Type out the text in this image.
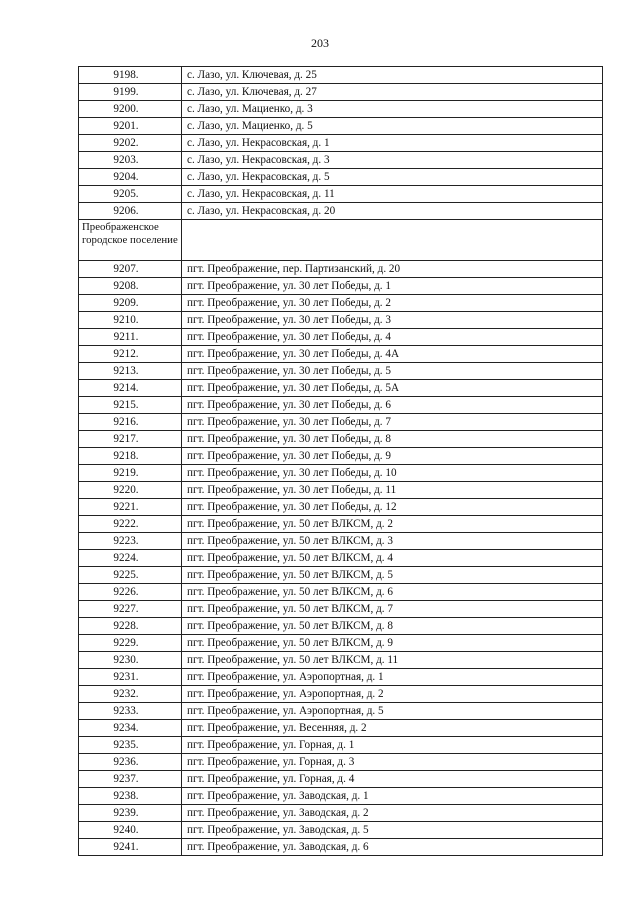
203
9198.	с. Лазо, ул. Ключевая, д. 25
9199.	с. Лазо, ул. Ключевая, д. 27
9200.	с. Лазо, ул. Мациенко, д. 3
9201.	с. Лазо, ул. Мациенко, д. 5
9202.	с. Лазо, ул. Некрасовская, д. 1
9203.	с. Лазо, ул. Некрасовская, д. 3
9204.	с. Лазо, ул. Некрасовская, д. 5
9205.	с. Лазо, ул. Некрасовская, д. 11
9206.	с. Лазо, ул. Некрасовская, д. 20
Преображенское городское поселение	
9207.	пгт. Преображение, пер. Партизанский, д. 20
9208.	пгт. Преображение, ул. 30 лет Победы, д. 1
9209.	пгт. Преображение, ул. 30 лет Победы, д. 2
9210.	пгт. Преображение, ул. 30 лет Победы, д. 3
9211.	пгт. Преображение, ул. 30 лет Победы, д. 4
9212.	пгт. Преображение, ул. 30 лет Победы, д. 4А
9213.	пгт. Преображение, ул. 30 лет Победы, д. 5
9214.	пгт. Преображение, ул. 30 лет Победы, д. 5А
9215.	пгт. Преображение, ул. 30 лет Победы, д. 6
9216.	пгт. Преображение, ул. 30 лет Победы, д. 7
9217.	пгт. Преображение, ул. 30 лет Победы, д. 8
9218.	пгт. Преображение, ул. 30 лет Победы, д. 9
9219.	пгт. Преображение, ул. 30 лет Победы, д. 10
9220.	пгт. Преображение, ул. 30 лет Победы, д. 11
9221.	пгт. Преображение, ул. 30 лет Победы, д. 12
9222.	пгт. Преображение, ул. 50 лет ВЛКСМ, д. 2
9223.	пгт. Преображение, ул. 50 лет ВЛКСМ, д. 3
9224.	пгт. Преображение, ул. 50 лет ВЛКСМ, д. 4
9225.	пгт. Преображение, ул. 50 лет ВЛКСМ, д. 5
9226.	пгт. Преображение, ул. 50 лет ВЛКСМ, д. 6
9227.	пгт. Преображение, ул. 50 лет ВЛКСМ, д. 7
9228.	пгт. Преображение, ул. 50 лет ВЛКСМ, д. 8
9229.	пгт. Преображение, ул. 50 лет ВЛКСМ, д. 9
9230.	пгт. Преображение, ул. 50 лет ВЛКСМ, д. 11
9231.	пгт. Преображение, ул. Аэропортная, д. 1
9232.	пгт. Преображение, ул. Аэропортная, д. 2
9233.	пгт. Преображение, ул. Аэропортная, д. 5
9234.	пгт. Преображение, ул. Весенняя, д. 2
9235.	пгт. Преображение, ул. Горная, д. 1
9236.	пгт. Преображение, ул. Горная, д. 3
9237.	пгт. Преображение, ул. Горная, д. 4
9238.	пгт. Преображение, ул. Заводская, д. 1
9239.	пгт. Преображение, ул. Заводская, д. 2
9240.	пгт. Преображение, ул. Заводская, д. 5
9241.	пгт. Преображение, ул. Заводская, д. 6
